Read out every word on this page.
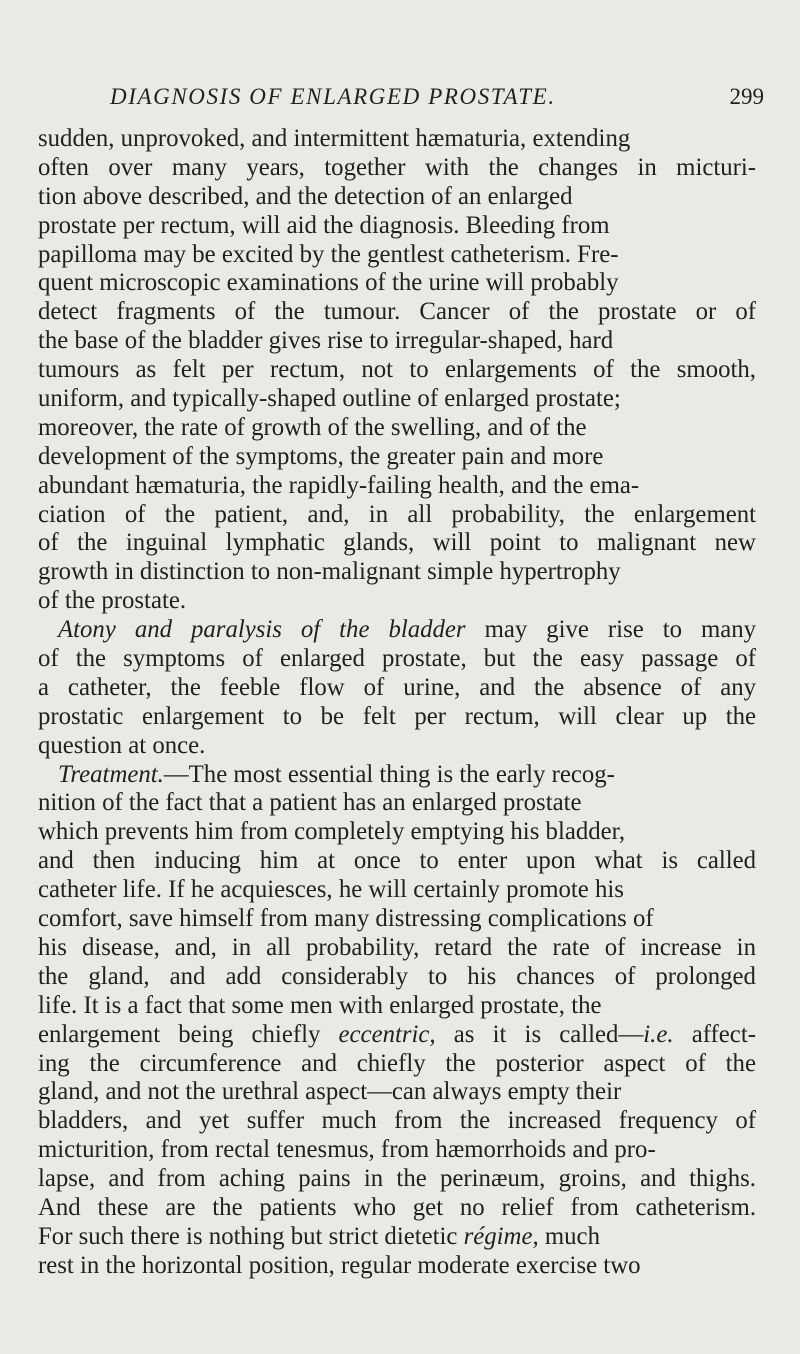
DIAGNOSIS OF ENLARGED PROSTATE.	299
sudden, unprovoked, and intermittent hæmaturia, extending
often over many years, together with the changes in micturi-
tion above described, and the detection of an enlarged
prostate per rectum, will aid the diagnosis. Bleeding from
papilloma may be excited by the gentlest catheterism. Fre-
quent microscopic examinations of the urine will probably
detect fragments of the tumour. Cancer of the prostate or of
the base of the bladder gives rise to irregular-shaped, hard
tumours as felt per rectum, not to enlargements of the smooth,
uniform, and typically-shaped outline of enlarged prostate;
moreover, the rate of growth of the swelling, and of the
development of the symptoms, the greater pain and more
abundant hæmaturia, the rapidly-failing health, and the ema-
ciation of the patient, and, in all probability, the enlargement
of the inguinal lymphatic glands, will point to malignant new
growth in distinction to non-malignant simple hypertrophy
of the prostate.
Atony and paralysis of the bladder may give rise to many
of the symptoms of enlarged prostate, but the easy passage of
a catheter, the feeble flow of urine, and the absence of any
prostatic enlargement to be felt per rectum, will clear up the
question at once.
Treatment.—The most essential thing is the early recog-
nition of the fact that a patient has an enlarged prostate
which prevents him from completely emptying his bladder,
and then inducing him at once to enter upon what is called
catheter life. If he acquiesces, he will certainly promote his
comfort, save himself from many distressing complications of
his disease, and, in all probability, retard the rate of increase in
the gland, and add considerably to his chances of prolonged
life. It is a fact that some men with enlarged prostate, the
enlargement being chiefly eccentric, as it is called—i.e. affect-
ing the circumference and chiefly the posterior aspect of the
gland, and not the urethral aspect—can always empty their
bladders, and yet suffer much from the increased frequency of
micturition, from rectal tenesmus, from hæmorrhoids and pro-
lapse, and from aching pains in the perinæum, groins, and thighs.
And these are the patients who get no relief from catheterism.
For such there is nothing but strict dietetic régime, much
rest in the horizontal position, regular moderate exercise two
